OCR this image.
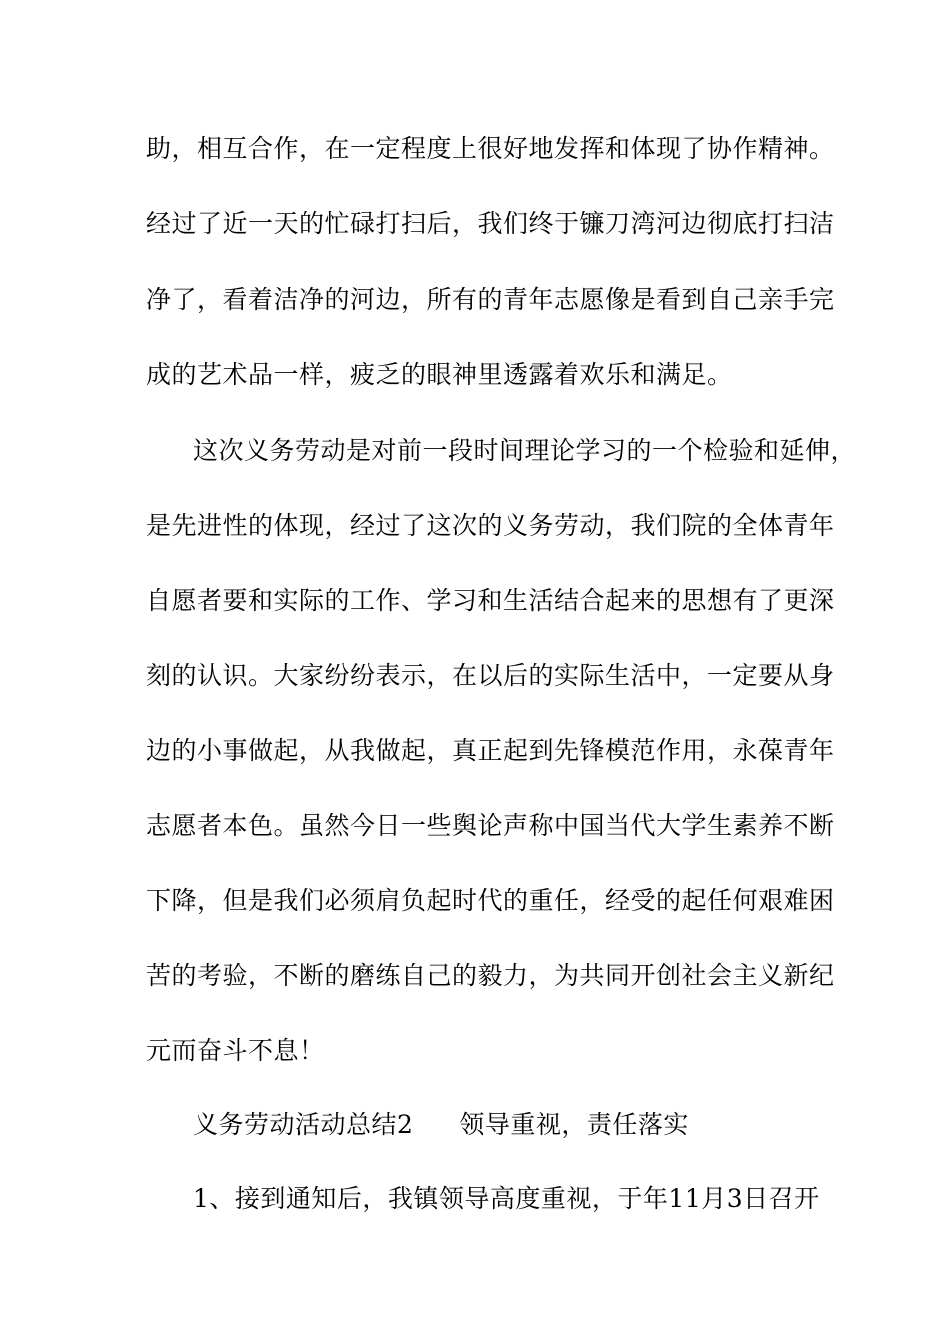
助，相互合作，在一定程度上很好地发挥和体现了协作精神。
经过了近一天的忙碌打扫后，我们终于镰刀湾河边彻底打扫洁
净了，看着洁净的河边，所有的青年志愿像是看到自己亲手完
成的艺术品一样，疲乏的眼神里透露着欢乐和满足。
这次义务劳动是对前一段时间理论学习的一个检验和延伸，
是先进性的体现，经过了这次的义务劳动，我们院的全体青年
自愿者要和实际的工作、学习和生活结合起来的思想有了更深
刻的认识。大家纷纷表示，在以后的实际生活中，一定要从身
边的小事做起，从我做起，真正起到先锋模范作用，永葆青年
志愿者本色。虽然今日一些舆论声称中国当代大学生素养不断
下降，但是我们必须肩负起时代的重任，经受的起任何艰难困
苦的考验，不断的磨练自己的毅力，为共同开创社会主义新纪
元而奋斗不息！
义务劳动活动总结2 领导重视，责任落实
1、接到通知后，我镇领导高度重视，于年11月3日召开
